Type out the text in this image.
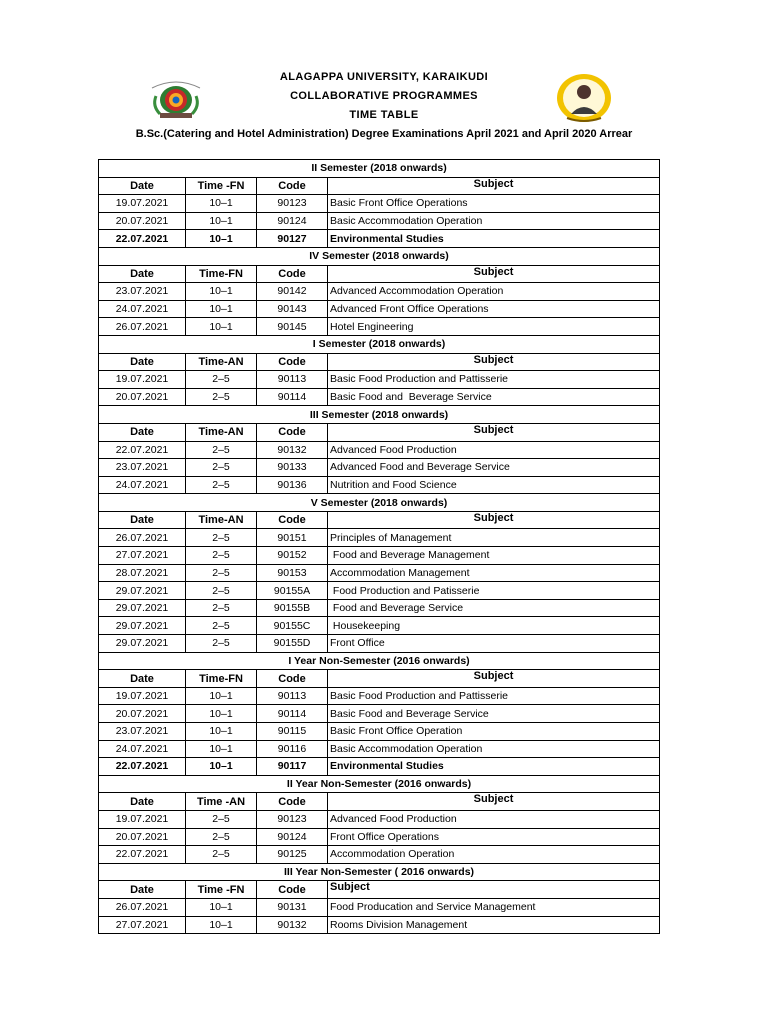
ALAGAPPA UNIVERSITY, KARAIKUDI
COLLABORATIVE PROGRAMMES
TIME TABLE
B.Sc.(Catering and Hotel Administration) Degree Examinations April 2021 and April 2020 Arrear
II Semester (2018 onwards)			
Date	Time -FN	Code	Subject
19.07.2021	10–1	90123	Basic Front Office Operations
20.07.2021	10–1	90124	Basic Accommodation Operation
22.07.2021	10–1	90127	Environmental Studies
IV Semester (2018 onwards)			
Date	Time-FN	Code	Subject
23.07.2021	10–1	90142	Advanced Accommodation Operation
24.07.2021	10–1	90143	Advanced Front Office Operations
26.07.2021	10–1	90145	Hotel Engineering
I Semester (2018 onwards)			
Date	Time-AN	Code	Subject
19.07.2021	2–5	90113	Basic Food Production and Pattisserie
20.07.2021	2–5	90114	Basic Food and  Beverage Service
III Semester (2018 onwards)			
Date	Time-AN	Code	Subject
22.07.2021	2–5	90132	Advanced Food Production
23.07.2021	2–5	90133	Advanced Food and Beverage Service
24.07.2021	2–5	90136	Nutrition and Food Science
V Semester (2018 onwards)			
Date	Time-AN	Code	Subject
26.07.2021	2–5	90151	Principles of Management
27.07.2021	2–5	90152	Food and Beverage Management
28.07.2021	2–5	90153	Accommodation Management
29.07.2021	2–5	90155A	Food Production and Patisserie
29.07.2021	2–5	90155B	Food and Beverage Service
29.07.2021	2–5	90155C	Housekeeping
29.07.2021	2–5	90155D	Front Office
I Year Non-Semester (2016 onwards)			
Date	Time-FN	Code	Subject
19.07.2021	10–1	90113	Basic Food Production and Pattisserie
20.07.2021	10–1	90114	Basic Food and Beverage Service
23.07.2021	10–1	90115	Basic Front Office Operation
24.07.2021	10–1	90116	Basic Accommodation Operation
22.07.2021	10–1	90117	Environmental Studies
II Year Non-Semester (2016 onwards)			
Date	Time -AN	Code	Subject
19.07.2021	2–5	90123	Advanced Food Production
20.07.2021	2–5	90124	Front Office Operations
22.07.2021	2–5	90125	Accommodation Operation
III Year Non-Semester ( 2016 onwards)			
Date	Time -FN	Code	Subject
26.07.2021	10–1	90131	Food Producation and Service Management
27.07.2021	10–1	90132	Rooms Division Management
